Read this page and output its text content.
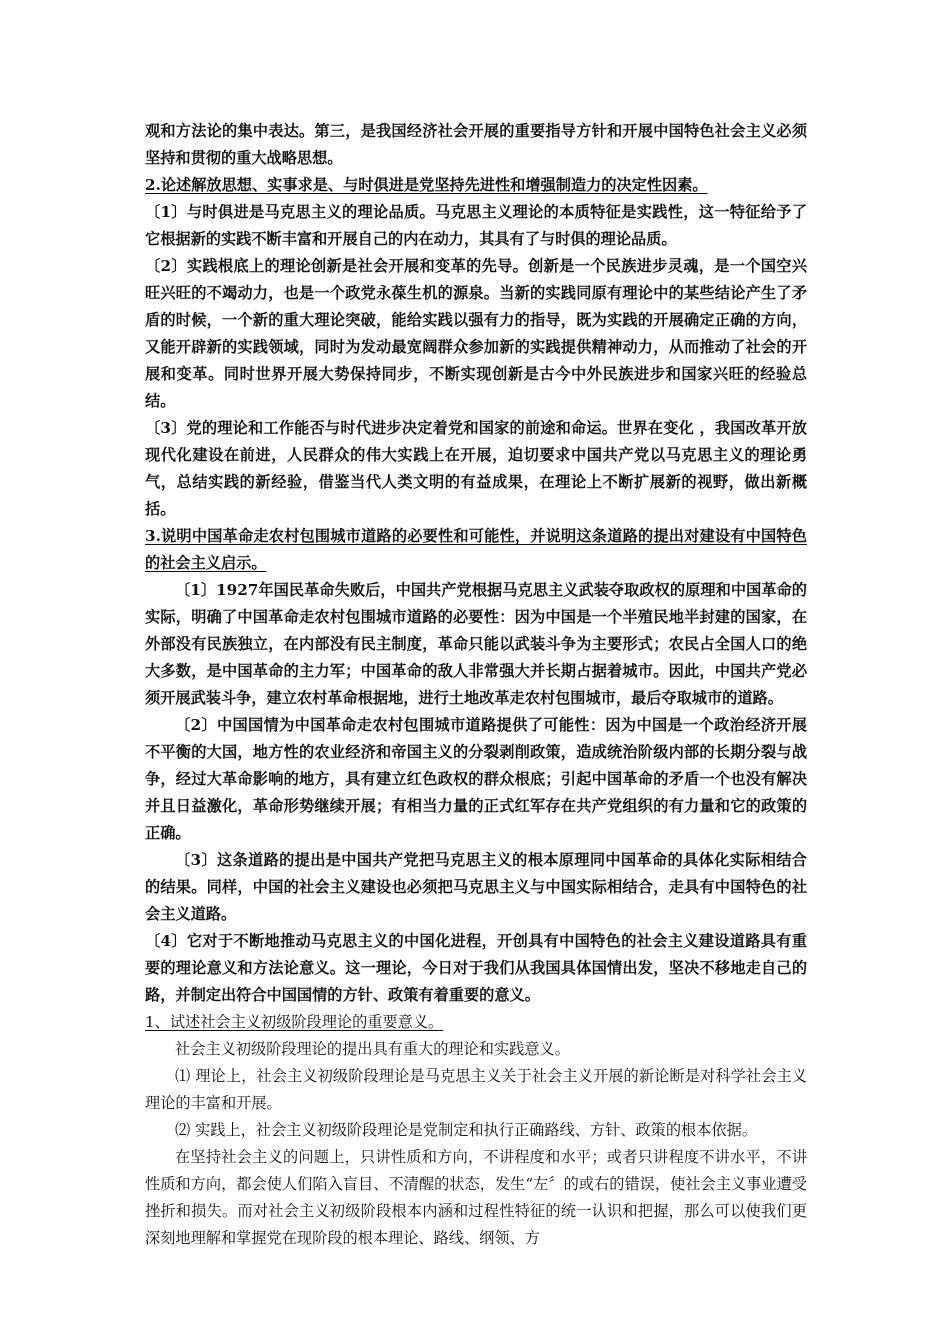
观和方法论的集中表达。第三，是我国经济社会开展的重要指导方针和开展中国特色社会主义必须坚持和贯彻的重大战略思想。

2.论述解放思想、实事求是、与时俱进是党坚持先进性和增强制造力的决定性因素。

〔1〕与时俱进是马克思主义的理论品质。马克思主义理论的本质特征是实践性，这一特征给予了它根据新的实践不断丰富和开展自己的内在动力，其具有了与时俱的理论品质。

〔2〕实践根底上的理论创新是社会开展和变革的先导。创新是一个民族进步灵魂，是一个国空兴旺兴旺的不竭动力，也是一个政党永葆生机的源泉。当新的实践同原有理论中的某些结论产生了矛盾的时候，一个新的重大理论突破，能给实践以强有力的指导，既为实践的开展确定正确的方向，又能开辟新的实践领域，同时为发动最宽阔群众参加新的实践提供精神动力，从而推动了社会的开展和变革。同时世界开展大势保持同步，不断实现创新是古今中外民族进步和国家兴旺的经验总结。

〔3〕党的理论和工作能否与时代进步决定着党和国家的前途和命运。世界在变化 ，我国改革开放现代化建设在前进，人民群众的伟大实践上在开展，迫切要求中国共产党以马克思主义的理论勇气，总结实践的新经验，借鉴当代人类文明的有益成果，在理论上不断扩展新的视野，做出新概括。

3.说明中国革命走农村包围城市道路的必要性和可能性，并说明这条道路的提出对建设有中国特色的社会主义启示。

〔1〕1927年国民革命失败后，中国共产党根据马克思主义武装夺取政权的原理和中国革命的实际，明确了中国革命走农村包围城市道路的必要性：因为中国是一个半殖民地半封建的国家，在外部没有民族独立，在内部没有民主制度，革命只能以武装斗争为主要形式；农民占全国人口的绝大多数，是中国革命的主力军；中国革命的敌人非常强大并长期占据着城市。因此，中国共产党必须开展武装斗争，建立农村革命根据地，进行土地改革走农村包围城市，最后夺取城市的道路。

〔2〕中国国情为中国革命走农村包围城市道路提供了可能性：因为中国是一个政治经济开展不平衡的大国，地方性的农业经济和帝国主义的分裂剥削政策，造成统治阶级内部的长期分裂与战争，经过大革命影响的地方，具有建立红色政权的群众根底；引起中国革命的矛盾一个也没有解决并且日益激化，革命形势继续开展；有相当力量的正式红军存在共产党组织的有力量和它的政策的正确。

〔3〕这条道路的提出是中国共产党把马克思主义的根本原理同中国革命的具体化实际相结合的结果。同样，中国的社会主义建设也必须把马克思主义与中国实际相结合，走具有中国特色的社会主义道路。

〔4〕它对于不断地推动马克思主义的中国化进程，开创具有中国特色的社会主义建设道路具有重要的理论意义和方法论意义。这一理论，今日对于我们从我国具体国情出发，坚决不移地走自己的路，并制定出符合中国国情的方针、政策有着重要的意义。

1、试述社会主义初级阶段理论的重要意义。

社会主义初级阶段理论的提出具有重大的理论和实践意义。

⑴ 理论上，社会主义初级阶段理论是马克思主义关于社会主义开展的新论断是对科学社会主义理论的丰富和开展。

⑵ 实践上，社会主义初级阶段理论是党制定和执行正确路线、方针、政策的根本依据。

在坚持社会主义的问题上，只讲性质和方向，不讲程度和水平；或者只讲程度不讲水平，不讲性质和方向，都会使人们陷入盲目、不清醒的状态，发生“左〞的或右的错误，使社会主义事业遭受挫折和损失。而对社会主义初级阶段根本内涵和过程性特征的统一认识和把握，那么可以使我们更深刻地理解和掌握党在现阶段的根本理论、路线、纲领、方
